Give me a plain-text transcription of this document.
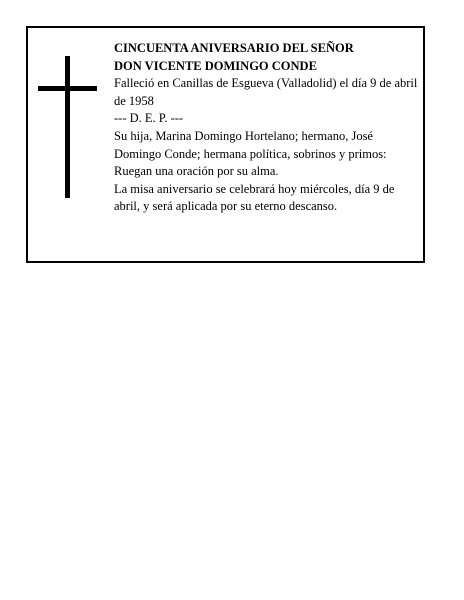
CINCUENTA ANIVERSARIO DEL SEÑOR

DON VICENTE DOMINGO CONDE

Falleció en Canillas de Esgueva (Valladolid) el día 9 de abril de 1958

--- D. E. P. ---

Su hija, Marina Domingo Hortelano; hermano, José Domingo Conde; hermana política, sobrinos y primos:

Ruegan una oración por su alma.

La misa aniversario se celebrará hoy miércoles, día 9 de abril, y será aplicada por su eterno descanso.
